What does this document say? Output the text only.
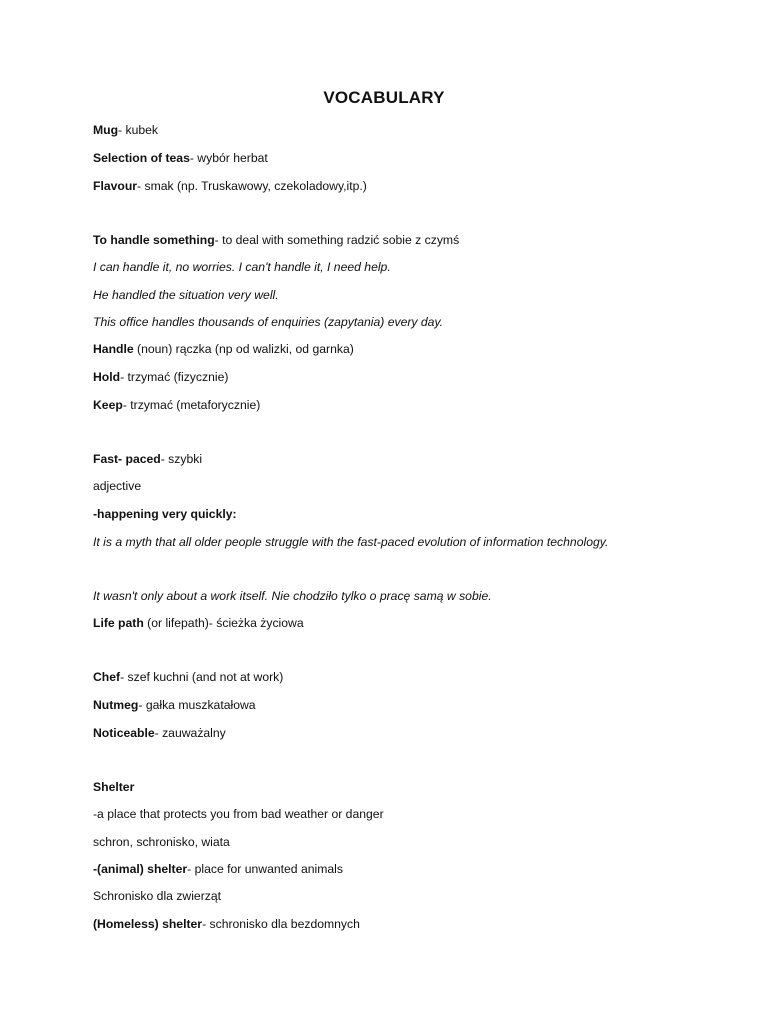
VOCABULARY
Mug- kubek
Selection of teas- wybór herbat
Flavour- smak (np. Truskawowy, czekoladowy,itp.)
To handle something- to deal with something radzić sobie z czymś
I can handle it, no worries. I can't handle it, I need help.
He handled the situation very well.
This office handles thousands of enquiries (zapytania) every day.
Handle (noun) rączka (np od walizki, od garnka)
Hold- trzymać (fizycznie)
Keep- trzymać (metaforycznie)
Fast- paced- szybki
adjective
-happening very quickly:
It is a myth that all older people struggle with the fast-paced evolution of information technology.
It wasn't only about a work itself. Nie chodziło tylko o pracę samą w sobie.
Life path (or lifepath)- ścieżka życiowa
Chef- szef kuchni (and not at work)
Nutmeg- gałka muszkatałowa
Noticeable- zauważalny
Shelter
-a place that protects you from bad weather or danger
schron, schronisko, wiata
-(animal) shelter- place for unwanted animals
Schronisko dla zwierząt
(Homeless) shelter- schronisko dla bezdomnych
